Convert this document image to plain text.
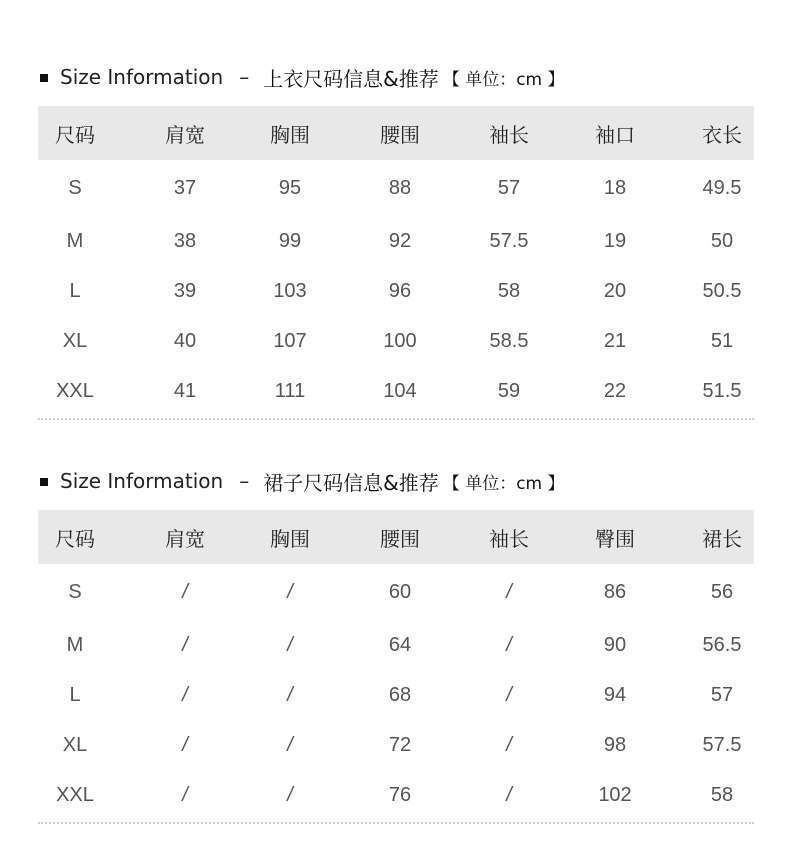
Size Information – 上衣尺码信息&推荐 【 单位：cm 】
尺码	肩宽	胸围	腰围	袖长	袖口	衣长
S	37	95	88	57	18	49.5
M	38	99	92	57.5	19	50
L	39	103	96	58	20	50.5
XL	40	107	100	58.5	21	51
XXL	41	111	104	59	22	51.5
Size Information – 裙子尺码信息&推荐 【 单位：cm 】
尺码	肩宽	胸围	腰围	袖长	臀围	裙长
S	/	/	60	/	86	56
M	/	/	64	/	90	56.5
L	/	/	68	/	94	57
XL	/	/	72	/	98	57.5
XXL	/	/	76	/	102	58
